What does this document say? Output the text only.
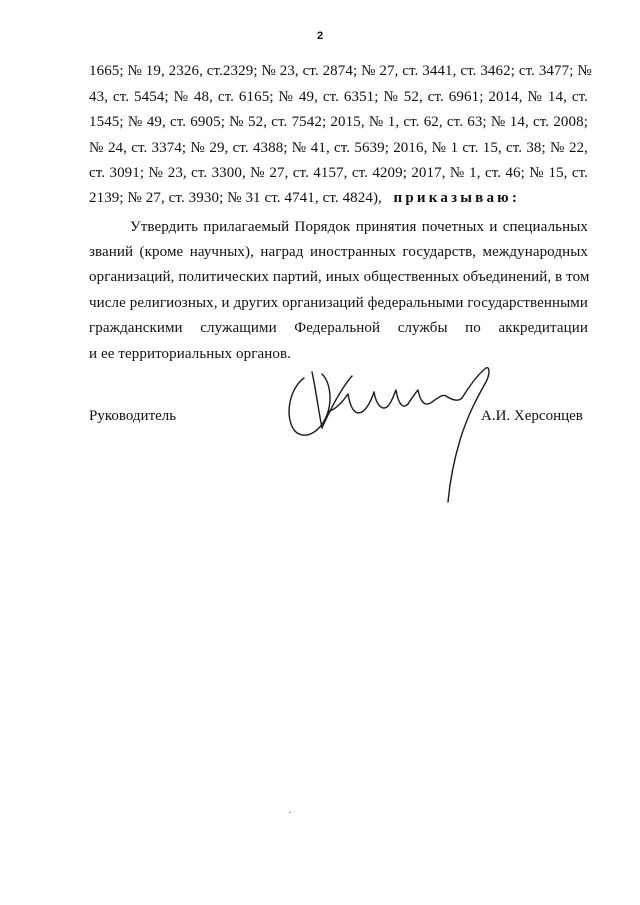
2
1665; № 19, 2326, ст.2329; № 23, ст. 2874; № 27, ст. 3441, ст. 3462; ст. 3477; №
43, ст. 5454; № 48, ст. 6165; № 49, ст. 6351; № 52, ст. 6961; 2014, № 14, ст.
1545; № 49, ст. 6905; № 52, ст. 7542; 2015, № 1, ст. 62, ст. 63; № 14, ст. 2008;
№ 24, ст. 3374; № 29, ст. 4388; № 41, ст. 5639; 2016, № 1 ст. 15, ст. 38; № 22,
ст. 3091; № 23, ст. 3300, № 27, ст. 4157, ст. 4209; 2017, № 1, ст. 46; № 15, ст.
2139; № 27, ст. 3930; № 31 ст. 4741, ст. 4824), приказываю:
Утвердить прилагаемый Порядок принятия почетных и специальных
званий (кроме научных), наград иностранных государств, международных
организаций, политических партий, иных общественных объединений, в том
числе религиозных, и других организаций федеральными государственными
гражданскими служащими Федеральной службы по аккредитации
и ее территориальных органов.
Руководитель	А.И. Херсонцев
